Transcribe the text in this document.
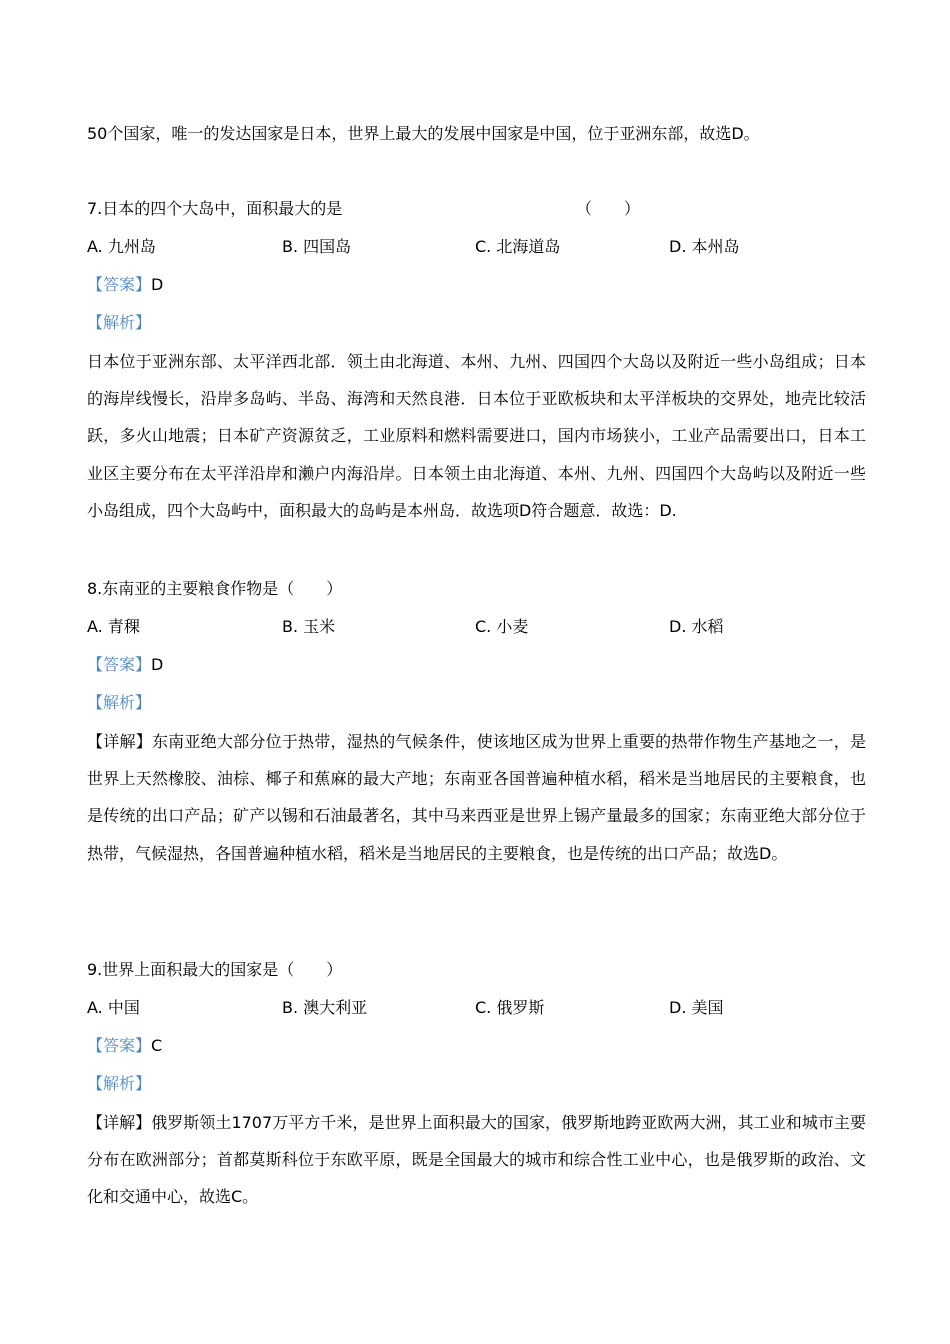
50个国家，唯一的发达国家是日本，世界上最大的发展中国家是中国，位于亚洲东部，故选D。
7.日本的四个大岛中，面积最大的是	（　　）
A. 九州岛	B. 四国岛	C. 北海道岛	D. 本州岛
【答案】D
【解析】
日本位于亚洲东部、太平洋西北部．领土由北海道、本州、九州、四国四个大岛以及附近一些小岛组成；日本的海岸线慢长，沿岸多岛屿、半岛、海湾和天然良港．日本位于亚欧板块和太平洋板块的交界处，地壳比较活跃，多火山地震；日本矿产资源贫乏，工业原料和燃料需要进口，国内市场狭小，工业产品需要出口，日本工业区主要分布在太平洋沿岸和濑户内海沿岸。日本领土由北海道、本州、九州、四国四个大岛屿以及附近一些小岛组成，四个大岛屿中，面积最大的岛屿是本州岛．故选项D符合题意．故选：D.
8.东南亚的主要粮食作物是（　　）
A. 青稞	B. 玉米	C. 小麦	D. 水稻
【答案】D
【解析】
【详解】东南亚绝大部分位于热带，湿热的气候条件，使该地区成为世界上重要的热带作物生产基地之一，是世界上天然橡胶、油棕、椰子和蕉麻的最大产地；东南亚各国普遍种植水稻，稻米是当地居民的主要粮食，也是传统的出口产品；矿产以锡和石油最著名，其中马来西亚是世界上锡产量最多的国家；东南亚绝大部分位于热带，气候湿热，各国普遍种植水稻，稻米是当地居民的主要粮食，也是传统的出口产品；故选D。
9.世界上面积最大的国家是（　　）
A. 中国	B. 澳大利亚	C. 俄罗斯	D. 美国
【答案】C
【解析】
【详解】俄罗斯领土1707万平方千米，是世界上面积最大的国家，俄罗斯地跨亚欧两大洲，其工业和城市主要分布在欧洲部分；首都莫斯科位于东欧平原，既是全国最大的城市和综合性工业中心，也是俄罗斯的政治、文化和交通中心，故选C。
